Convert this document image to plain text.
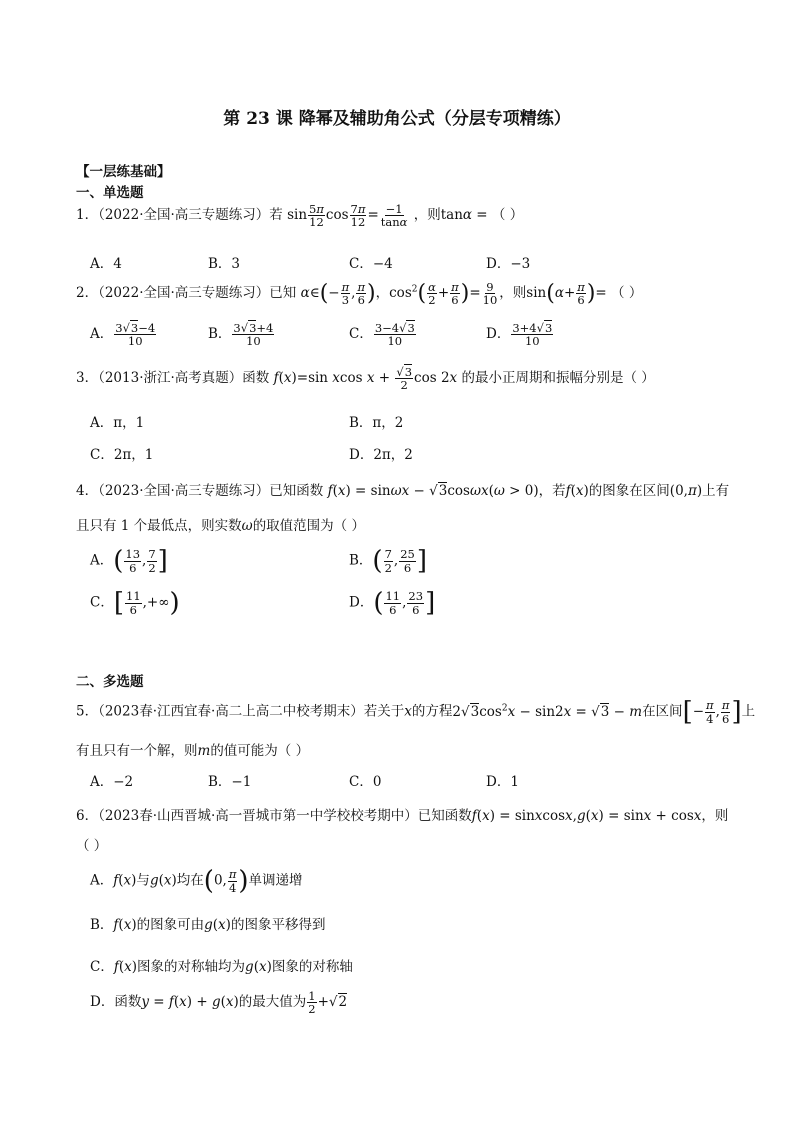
第 23 课 降幂及辅助角公式（分层专项精练）
【一层练基础】
一、单选题
1．（2022·全国·高三专题练习）若 $\sin \frac{5\pi}{12}$ $\cos \frac{7\pi}{12} = \frac{-1}{\tan\alpha}$ ，则tanα = （ ）
A．4	B．3	C．−4	D．−3
2．（2022·全国·高三专题练习）已知 α∈(− $\frac{\pi}{3}$ , $\frac{\pi}{6}$ )，$\cos^2( \frac{\alpha}{2} + \frac{\pi}{6}$ )= $\frac{9}{10}$ ，则$\sin(\alpha+ \frac{\pi}{6}$ )= （ ）
A． $\frac{3√3-4}{10}$	B． $\frac{3√3+4}{10}$	C． $\frac{3-4√3}{10}$	D． $\frac{3+4√3}{10}$
3．（2013·浙江·高考真题）函数 f(x)=sin xcos $x + \frac{√3}{2}$ cos 2x 的最小正周期和振幅分别是（ ）
A．π，1	B．π，2
C．2π，1	D．2π，2
4．（2023·全国·高三专题练习）已知函数 f(x) = sinωx − √3cosωx(ω > 0)，若f(x)的图象在区间(0,π)上有
且只有 1 个最低点，则实数ω的取值范围为（ ）
A．( $\frac{13}{6}$ , $\frac{7}{2}$ ]	B．( $\frac{7}{2}$ , $\frac{25}{6}$ ]
C．[ $\frac{11}{6}$ ,+∞)	D．( $\frac{11}{6}$ , $\frac{23}{6}$ ]
二、多选题
5．（2023春·江西宜春·高二上高二中校考期末）若关于x的方程$2√3\cos^2x - \sin 2x = √3 - m$在区间[− $\frac{\pi}{4}$ , $\frac{\pi}{6}$ ]上
有且只有一个解，则m的值可能为（ ）
A．−2	B．−1	C．0	D．1
6．（2023春·山西晋城·高一晋城市第一中学校校考期中）已知函数f(x) = sinxcosx,g(x) = sinx + cosx，则
（ ）
A．f(x)与g(x)均在(0, $\frac{\pi}{4}$ )单调递增
B．f(x)的图象可由g(x)的图象平移得到
C．f(x)图象的对称轴均为g(x)图象的对称轴
D．函数y = f(x) + g(x)的最大值为 $\frac{1}{2} +√2$
